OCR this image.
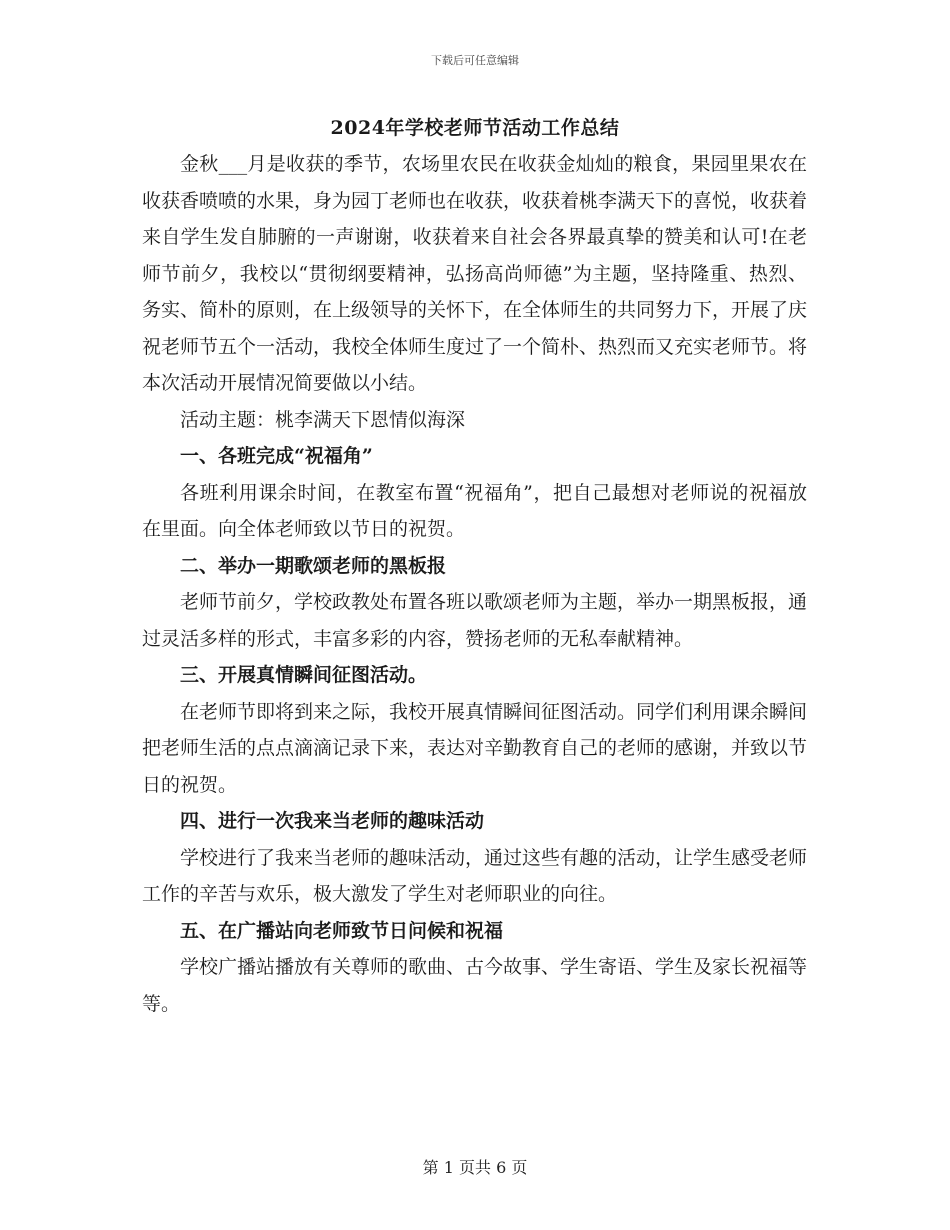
下载后可任意编辑
2024年学校老师节活动工作总结

金秋___月是收获的季节，农场里农民在收获金灿灿的粮食，果园里果农在收获香喷喷的水果，身为园丁老师也在收获，收获着桃李满天下的喜悦，收获着来自学生发自肺腑的一声谢谢，收获着来自社会各界最真挚的赞美和认可!在老师节前夕，我校以“贯彻纲要精神，弘扬高尚师德”为主题，坚持隆重、热烈、务实、简朴的原则，在上级领导的关怀下，在全体师生的共同努力下，开展了庆祝老师节五个一活动，我校全体师生度过了一个简朴、热烈而又充实老师节。将本次活动开展情况简要做以小结。

活动主题：桃李满天下恩情似海深

一、各班完成“祝福角”

各班利用课余时间，在教室布置“祝福角”，把自己最想对老师说的祝福放在里面。向全体老师致以节日的祝贺。

二、举办一期歌颂老师的黑板报

老师节前夕，学校政教处布置各班以歌颂老师为主题，举办一期黑板报，通过灵活多样的形式，丰富多彩的内容，赞扬老师的无私奉献精神。

三、开展真情瞬间征图活动。

在老师节即将到来之际，我校开展真情瞬间征图活动。同学们利用课余瞬间把老师生活的点点滴滴记录下来，表达对辛勤教育自己的老师的感谢，并致以节日的祝贺。

四、进行一次我来当老师的趣味活动

学校进行了我来当老师的趣味活动，通过这些有趣的活动，让学生感受老师工作的辛苦与欢乐，极大激发了学生对老师职业的向往。

五、在广播站向老师致节日问候和祝福

学校广播站播放有关尊师的歌曲、古今故事、学生寄语、学生及家长祝福等等。

第 1 页共 6 页
